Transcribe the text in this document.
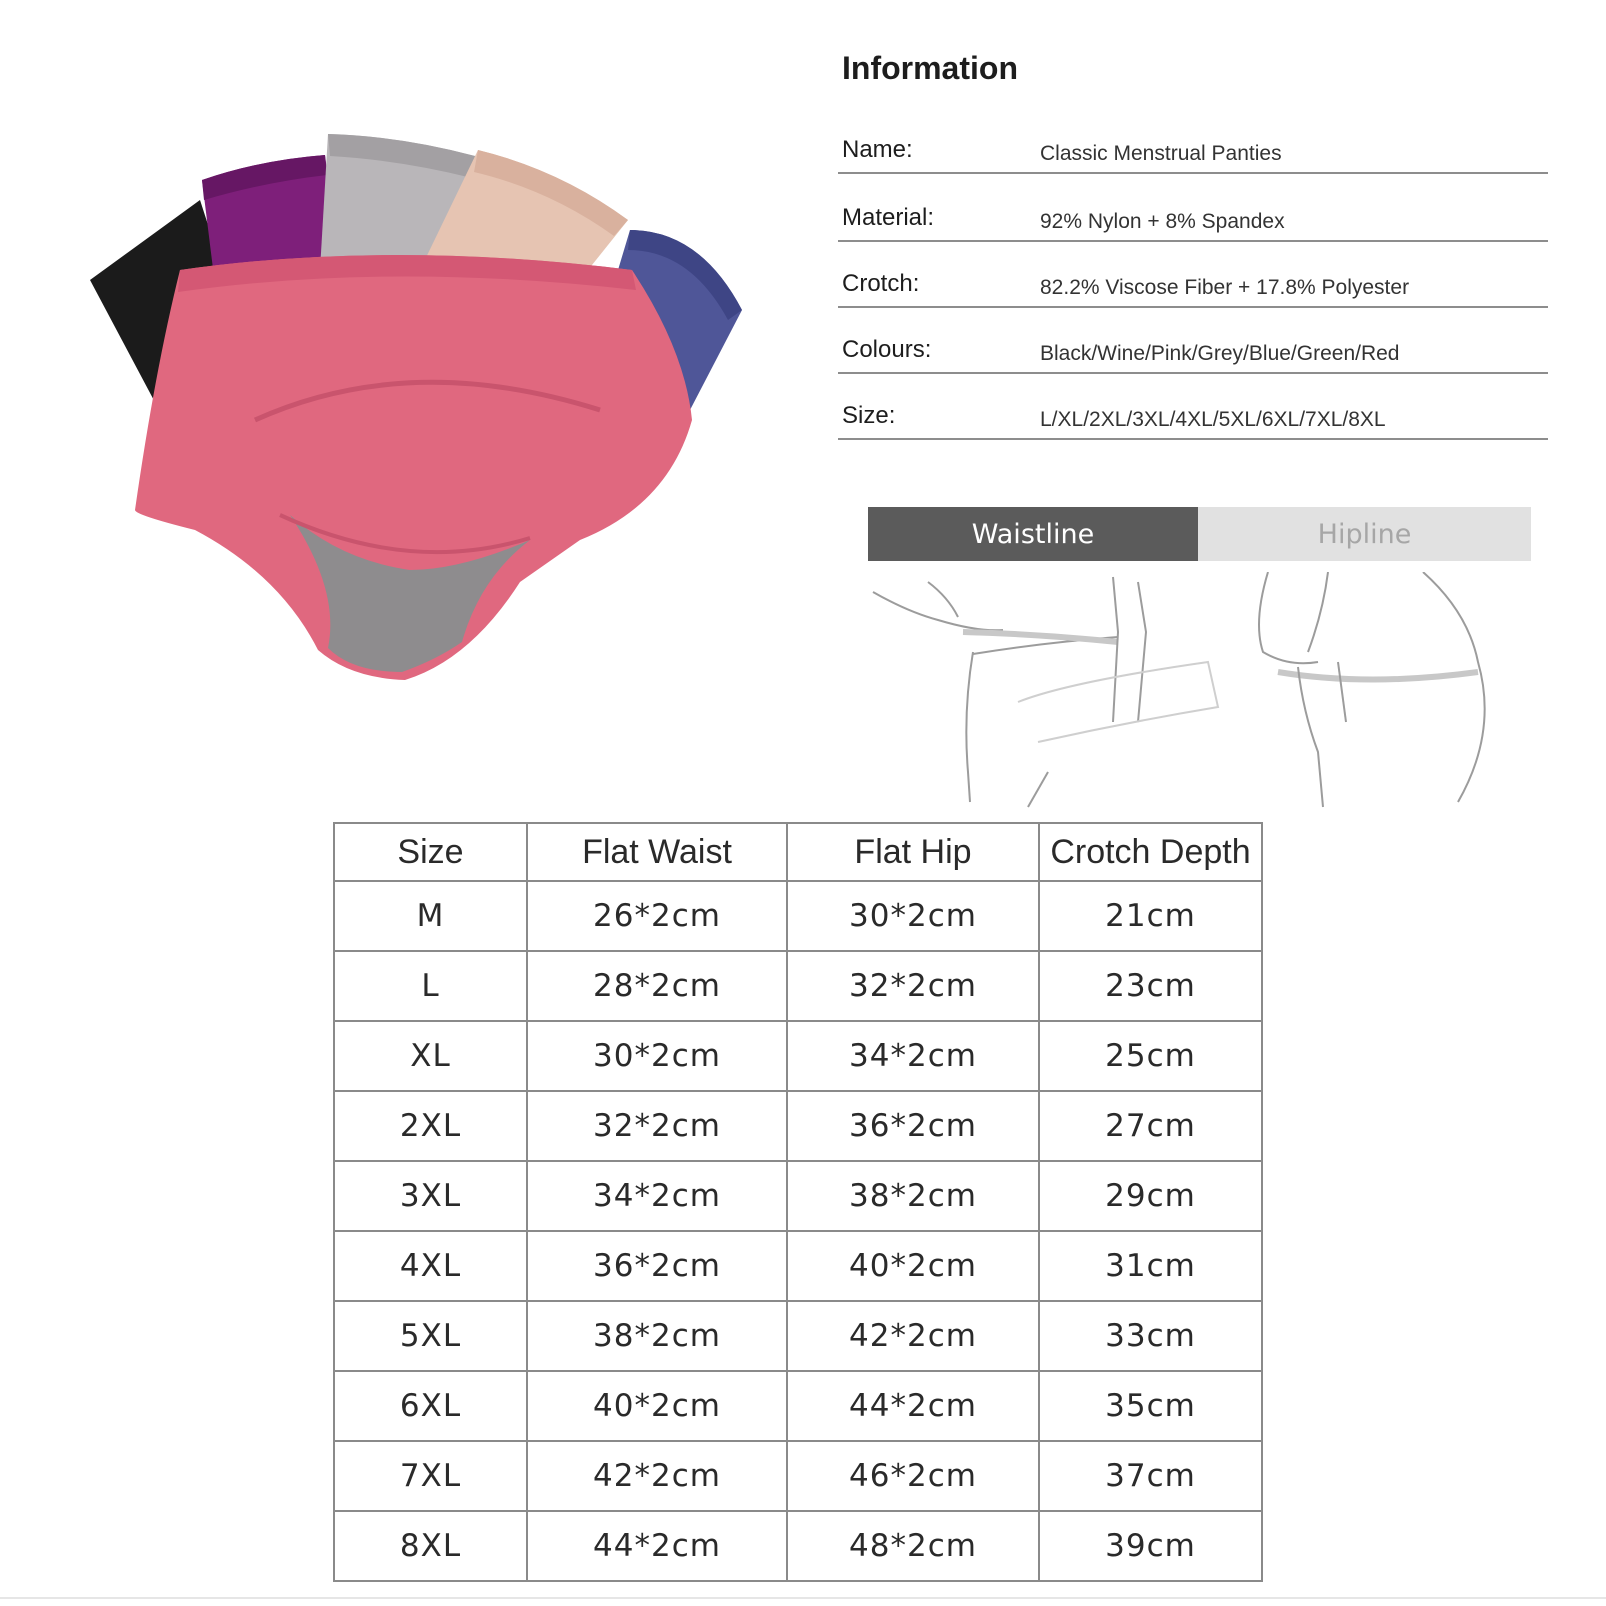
Information
Name:	Classic Menstrual Panties
Material:	92% Nylon + 8% Spandex
Crotch:	82.2% Viscose Fiber + 17.8% Polyester
Colours:	Black/Wine/Pink/Grey/Blue/Green/Red
Size:	L/XL/2XL/3XL/4XL/5XL/6XL/7XL/8XL
Waistline	Hipline
Size	Flat Waist	Flat Hip	Crotch Depth
M	26*2cm	30*2cm	21cm
L	28*2cm	32*2cm	23cm
XL	30*2cm	34*2cm	25cm
2XL	32*2cm	36*2cm	27cm
3XL	34*2cm	38*2cm	29cm
4XL	36*2cm	40*2cm	31cm
5XL	38*2cm	42*2cm	33cm
6XL	40*2cm	44*2cm	35cm
7XL	42*2cm	46*2cm	37cm
8XL	44*2cm	48*2cm	39cm
